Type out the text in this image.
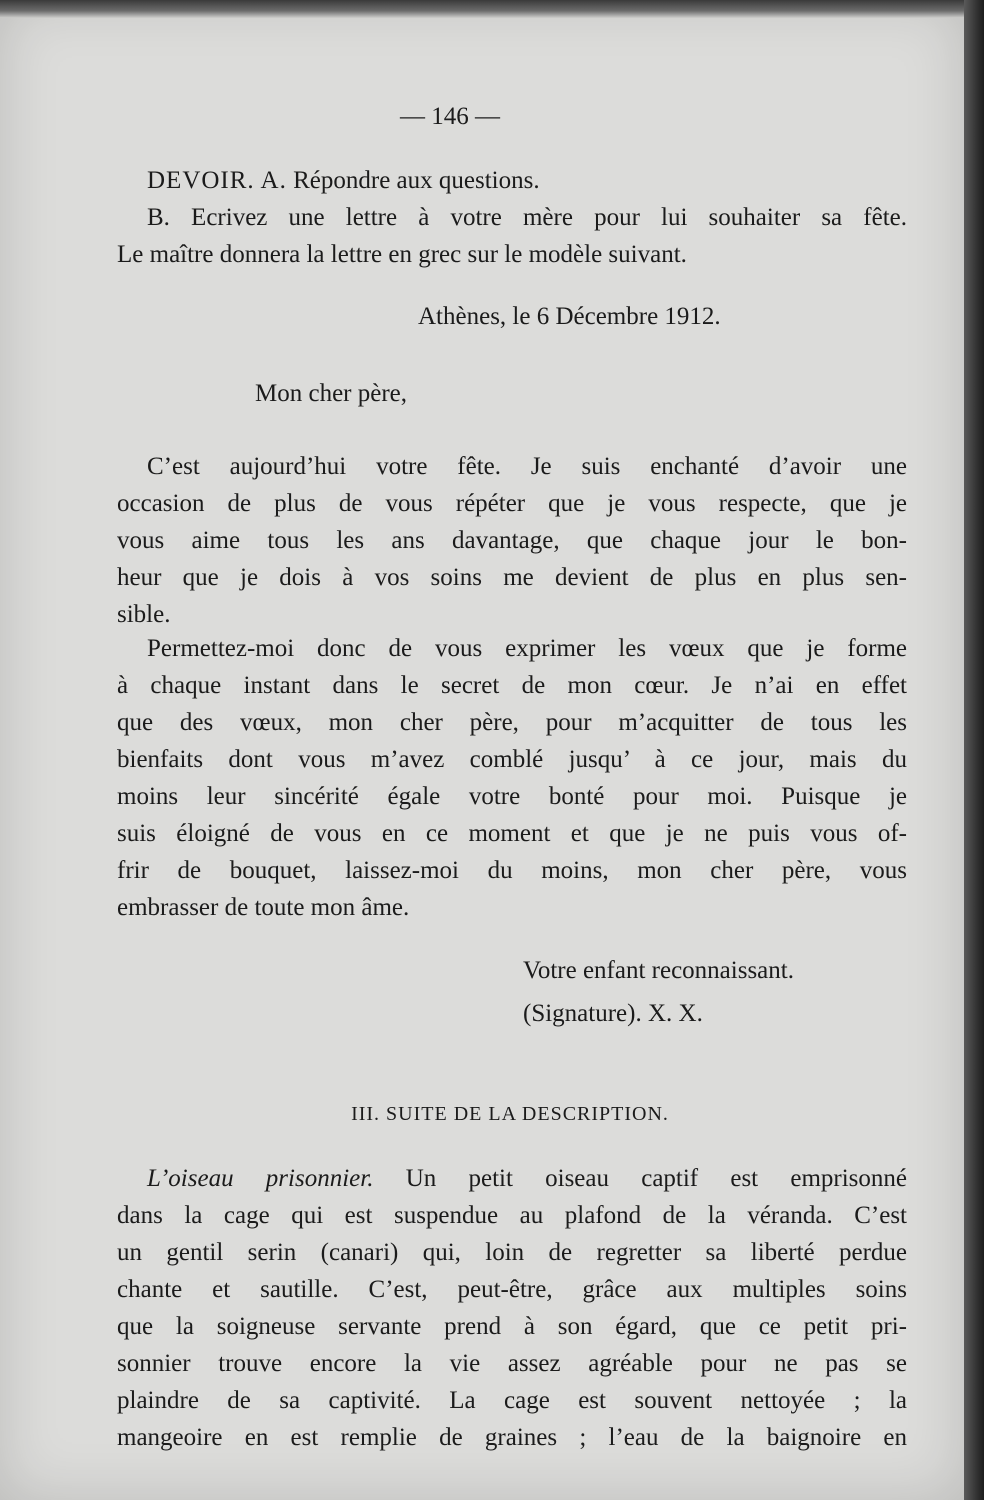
— 146 —
DEVOIR. A. Répondre aux questions.
B. Ecrivez une lettre à votre mère pour lui souhaiter sa fête.
Le maître donnera la lettre en grec sur le modèle suivant.
Athènes, le 6 Décembre 1912.
Mon cher père,
C’est aujourd’hui votre fête. Je suis enchanté d’avoir une
occasion de plus de vous répéter que je vous respecte, que je
vous aime tous les ans davantage, que chaque jour le bon-
heur que je dois à vos soins me devient de plus en plus sen-
sible.
Permettez-moi donc de vous exprimer les vœux que je forme
à chaque instant dans le secret de mon cœur. Je n’ai en effet
que des vœux, mon cher père, pour m’acquitter de tous les
bienfaits dont vous m’avez comblé jusqu’ à ce jour, mais du
moins leur sincérité égale votre bonté pour moi. Puisque je
suis éloigné de vous en ce moment et que je ne puis vous of-
frir de bouquet, laissez-moi du moins, mon cher père, vous
embrasser de toute mon âme.
Votre enfant reconnaissant.
(Signature). X. X.
III. SUITE DE LA DESCRIPTION.
L’oiseau prisonnier. Un petit oiseau captif est emprisonné
dans la cage qui est suspendue au plafond de la véranda. C’est
un gentil serin (canari) qui, loin de regretter sa liberté perdue
chante et sautille. C’est, peut-être, grâce aux multiples soins
que la soigneuse servante prend à son égard, que ce petit pri-
sonnier trouve encore la vie assez agréable pour ne pas se
plaindre de sa captivité. La cage est souvent nettoyée ; la
mangeoire en est remplie de graines ; l’eau de la baignoire en
